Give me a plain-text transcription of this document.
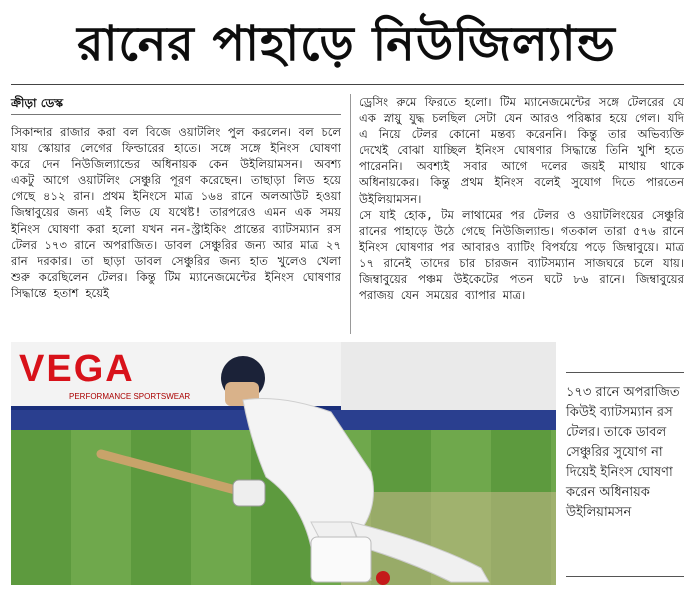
রানের পাহাড়ে নিউজিল্যান্ড
ক্রীড়া ডেস্ক

সিকান্দার রাজার করা বল বিজে ওয়াটলিং পুল করলেন। বল চলে যায় স্কোয়ার লেগের ফিল্ডারের হাতে। সঙ্গে সঙ্গে ইনিংস ঘোষণা করে দেন নিউজিল্যান্ডের অধিনায়ক কেন উইলিয়ামসন। অবশ্য একটু আগে ওয়াটলিং সেঞ্চুরি পূরণ করেছেন। তাছাড়া লিড হয়ে গেছে ৪১২ রান। প্রথম ইনিংসে মাত্র ১৬৪ রানে অলআউট হওয়া জিম্বাবুয়ের জন্য এই লিড যে যথেষ্ট! তারপরেও এমন এক সময় ইনিংস ঘোষণা করা হলো যখন নন-স্ট্রাইকিং প্রান্তের ব্যাটসম্যান রস টেলর ১৭৩ রানে অপরাজিত। ডাবল সেঞ্চুরির জন্য আর মাত্র ২৭ রান দরকার। তা ছাড়া ডাবল সেঞ্চুরির জন্য হাত খুলেও খেলা শুরু করেছিলেন টেলর। কিন্তু টিম ম্যানেজমেন্টের ইনিংস ঘোষণার সিদ্ধান্তে হতাশ হয়েই

ড্রেসিং রুমে ফিরতে হলো। টিম ম্যানেজমেন্টের সঙ্গে টেলরের যে এক স্নায়ু যুদ্ধ চলছিল সেটা যেন আরও পরিষ্কার হয়ে গেল। যদি এ নিয়ে টেলর কোনো মন্তব্য করেননি। কিন্তু তার অভিব্যক্তি দেখেই বোঝা যাচ্ছিল ইনিংস ঘোষণার সিদ্ধান্তে তিনি খুশি হতে পারেননি। অবশ্যই সবার আগে দলের জয়ই মাথায় থাকে অধিনায়কের। কিন্তু প্রথম ইনিংস বলেই সুযোগ দিতে পারতেন উইলিয়ামসন।

সে যাই হোক, টম লাথামের পর টেলর ও ওয়াটলিংয়ের সেঞ্চুরি রানের পাহাড়ে উঠে গেছে নিউজিল্যান্ড। গতকাল তারা ৫৭৬ রানে ইনিংস ঘোষণার পর আবারও ব্যাটিং বিপর্যয়ে পড়ে জিম্বাবুয়ে। মাত্র ১৭ রানেই তাদের চার চারজন ব্যাটসম্যান সাজঘরে চলে যায়। জিম্বাবুয়ের পঞ্চম উইকেটের পতন ঘটে ৮৬ রানে। জিম্বাবুয়ের পরাজয় যেন সময়ের ব্যাপার মাত্র।

VEGA
PERFORMANCE SPORTSWEAR	১৭৩ রানে অপরাজিত কিউই ব্যাটসম্যান রস টেলর। তাকে ডাবল সেঞ্চুরির সুযোগ না দিয়েই ইনিংস ঘোষণা করেন অধিনায়ক উইলিয়ামসন
